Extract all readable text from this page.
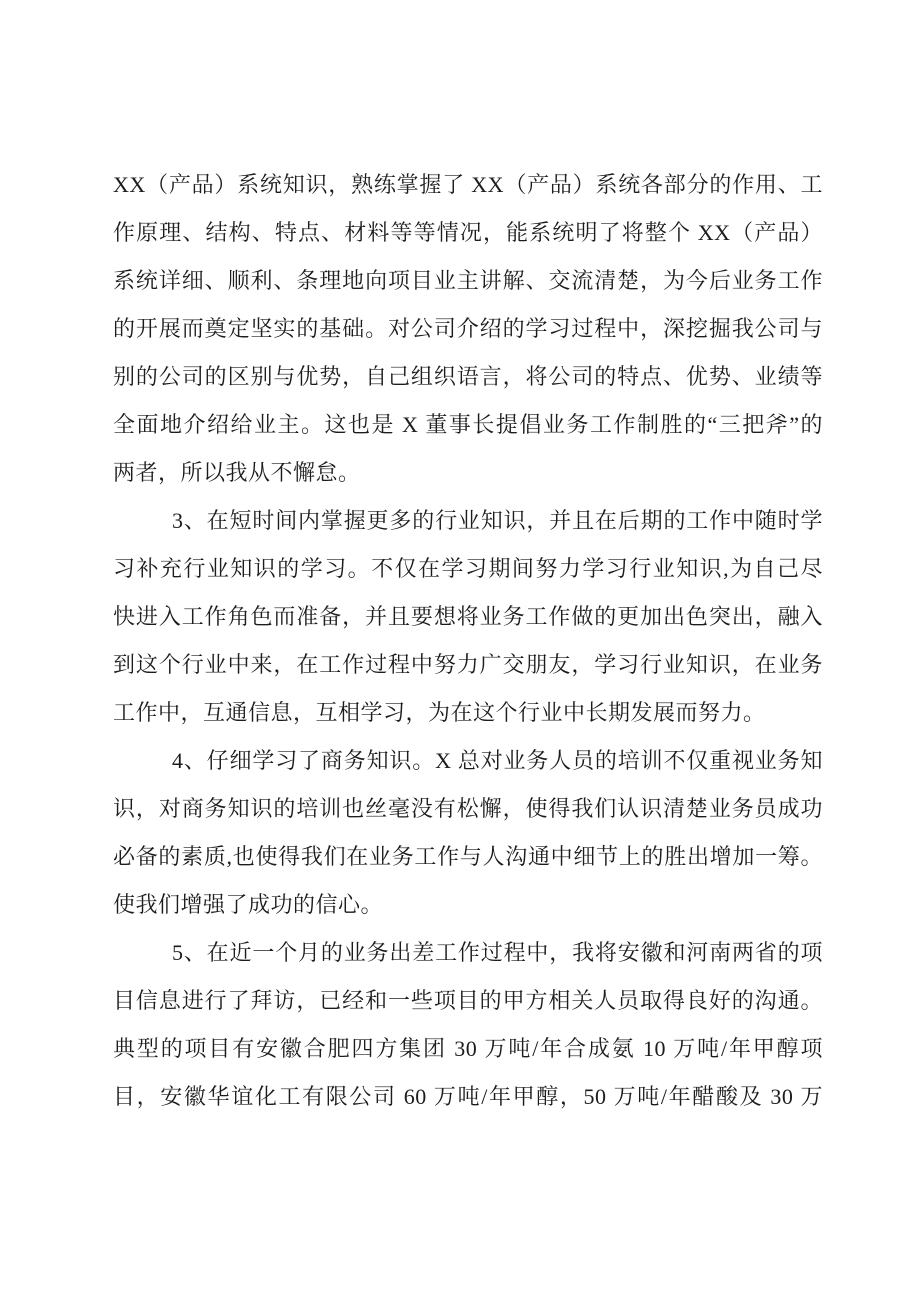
XX（产品）系统知识，熟练掌握了 XX（产品）系统各部分的作用、工
作原理、结构、特点、材料等等情况，能系统明了将整个 XX（产品）
系统详细、顺利、条理地向项目业主讲解、交流清楚，为今后业务工作
的开展而奠定坚实的基础。对公司介绍的学习过程中，深挖掘我公司与
别的公司的区别与优势，自己组织语言，将公司的特点、优势、业绩等
全面地介绍给业主。这也是 X 董事长提倡业务工作制胜的“三把斧”的
两者，所以我从不懈怠。
3、在短时间内掌握更多的行业知识，并且在后期的工作中随时学
习补充行业知识的学习。不仅在学习期间努力学习行业知识,为自己尽
快进入工作角色而准备，并且要想将业务工作做的更加出色突出，融入
到这个行业中来，在工作过程中努力广交朋友，学习行业知识，在业务
工作中，互通信息，互相学习，为在这个行业中长期发展而努力。
4、仔细学习了商务知识。X 总对业务人员的培训不仅重视业务知
识，对商务知识的培训也丝毫没有松懈，使得我们认识清楚业务员成功
必备的素质,也使得我们在业务工作与人沟通中细节上的胜出增加一筹。
使我们增强了成功的信心。
5、在近一个月的业务出差工作过程中，我将安徽和河南两省的项
目信息进行了拜访，已经和一些项目的甲方相关人员取得良好的沟通。
典型的项目有安徽合肥四方集团 30 万吨/年合成氨 10 万吨/年甲醇项
目，安徽华谊化工有限公司 60 万吨/年甲醇，50 万吨/年醋酸及 30 万
